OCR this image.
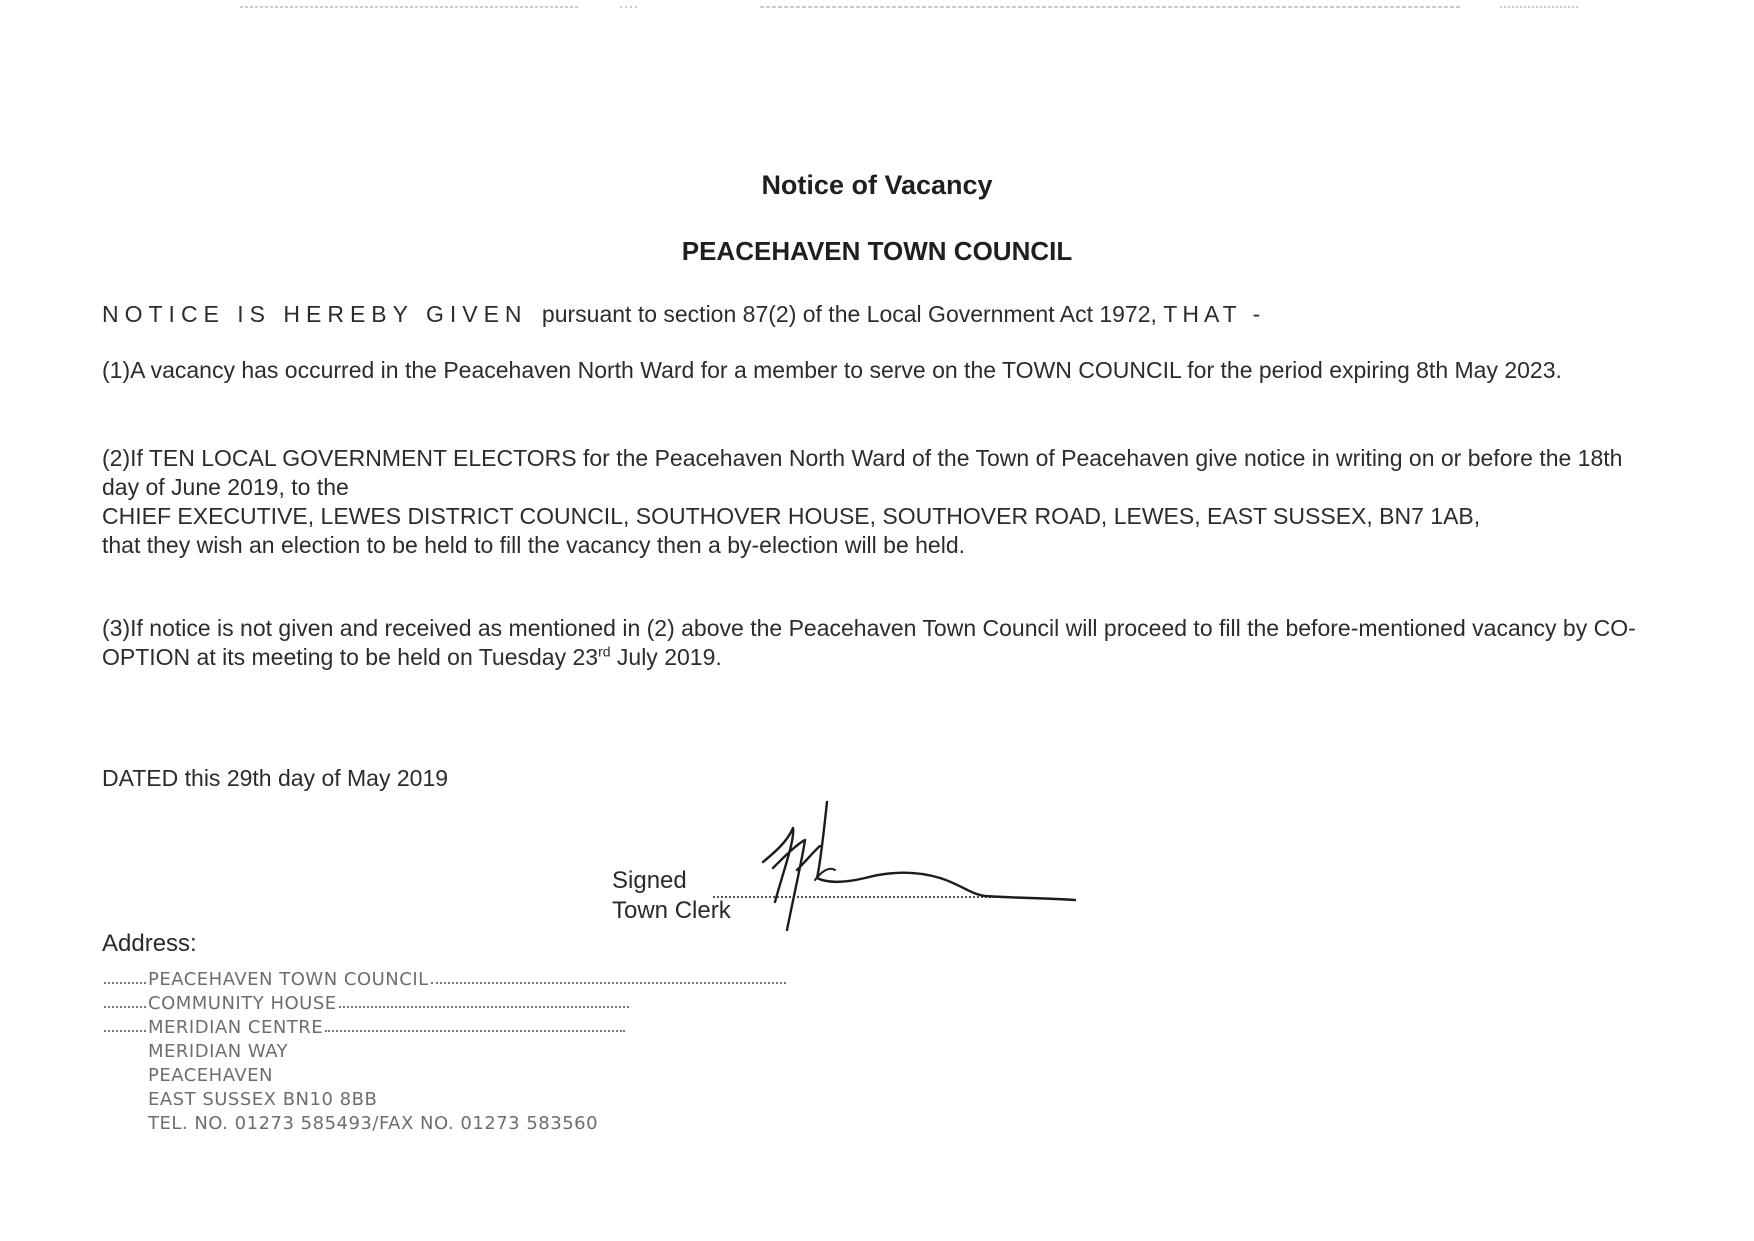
Notice of Vacancy
PEACEHAVEN TOWN COUNCIL
NOTICE IS HEREBY GIVEN pursuant to section 87(2) of the Local Government Act 1972, THAT -
(1)A vacancy has occurred in the Peacehaven North Ward for a member to serve on the TOWN COUNCIL for the period expiring 8th May 2023.
(2)If TEN LOCAL GOVERNMENT ELECTORS for the Peacehaven North Ward of the Town of Peacehaven give notice in writing on or before the 18th day of June 2019, to the
CHIEF EXECUTIVE, LEWES DISTRICT COUNCIL, SOUTHOVER HOUSE, SOUTHOVER ROAD, LEWES, EAST SUSSEX, BN7 1AB,
that they wish an election to be held to fill the vacancy then a by-election will be held.
(3)If notice is not given and received as mentioned in (2) above the Peacehaven Town Council will proceed to fill the before-mentioned vacancy by CO-OPTION at its meeting to be held on Tuesday 23rd July 2019.
DATED this 29th day of May 2019
Signed
Town Clerk
Address:
PEACEHAVEN TOWN COUNCIL
COMMUNITY HOUSE
MERIDIAN CENTRE
MERIDIAN WAY
PEACEHAVEN
EAST SUSSEX BN10 8BB
TEL. NO. 01273 585493/FAX NO. 01273 583560
